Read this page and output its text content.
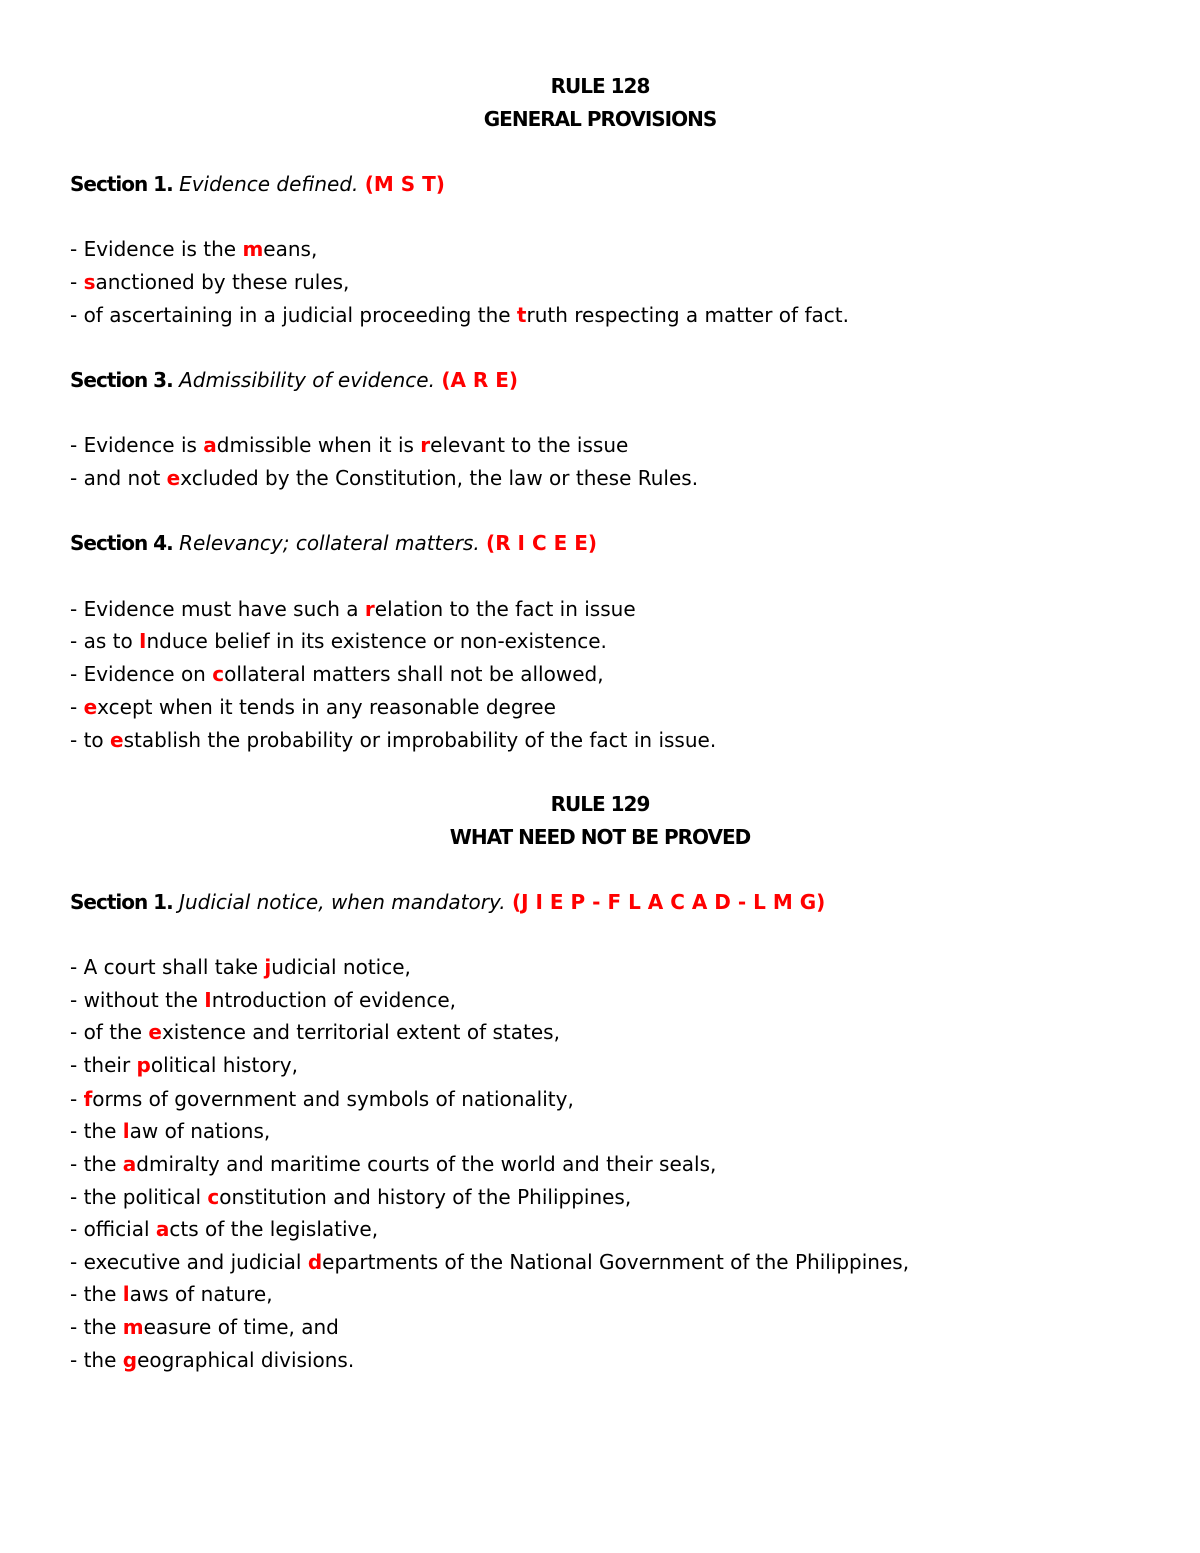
RULE 128
GENERAL PROVISIONS
Section 1. Evidence defined. (M S T)
- Evidence is the means,
- sanctioned by these rules,
- of ascertaining in a judicial proceeding the truth respecting a matter of fact.
Section 3. Admissibility of evidence. (A R E)
- Evidence is admissible when it is relevant to the issue
- and not excluded by the Constitution, the law or these Rules.
Section 4. Relevancy; collateral matters. (R I C E E)
- Evidence must have such a relation to the fact in issue
- as to Induce belief in its existence or non-existence.
- Evidence on collateral matters shall not be allowed,
- except when it tends in any reasonable degree
- to establish the probability or improbability of the fact in issue.
RULE 129
WHAT NEED NOT BE PROVED
Section 1. Judicial notice, when mandatory. (J I E P - F L A C A D - L M G)
- A court shall take judicial notice,
- without the Introduction of evidence,
- of the existence and territorial extent of states,
- their political history,
- forms of government and symbols of nationality,
- the law of nations,
- the admiralty and maritime courts of the world and their seals,
- the political constitution and history of the Philippines,
- official acts of the legislative,
- executive and judicial departments of the National Government of the Philippines,
- the laws of nature,
- the measure of time, and
- the geographical divisions.
